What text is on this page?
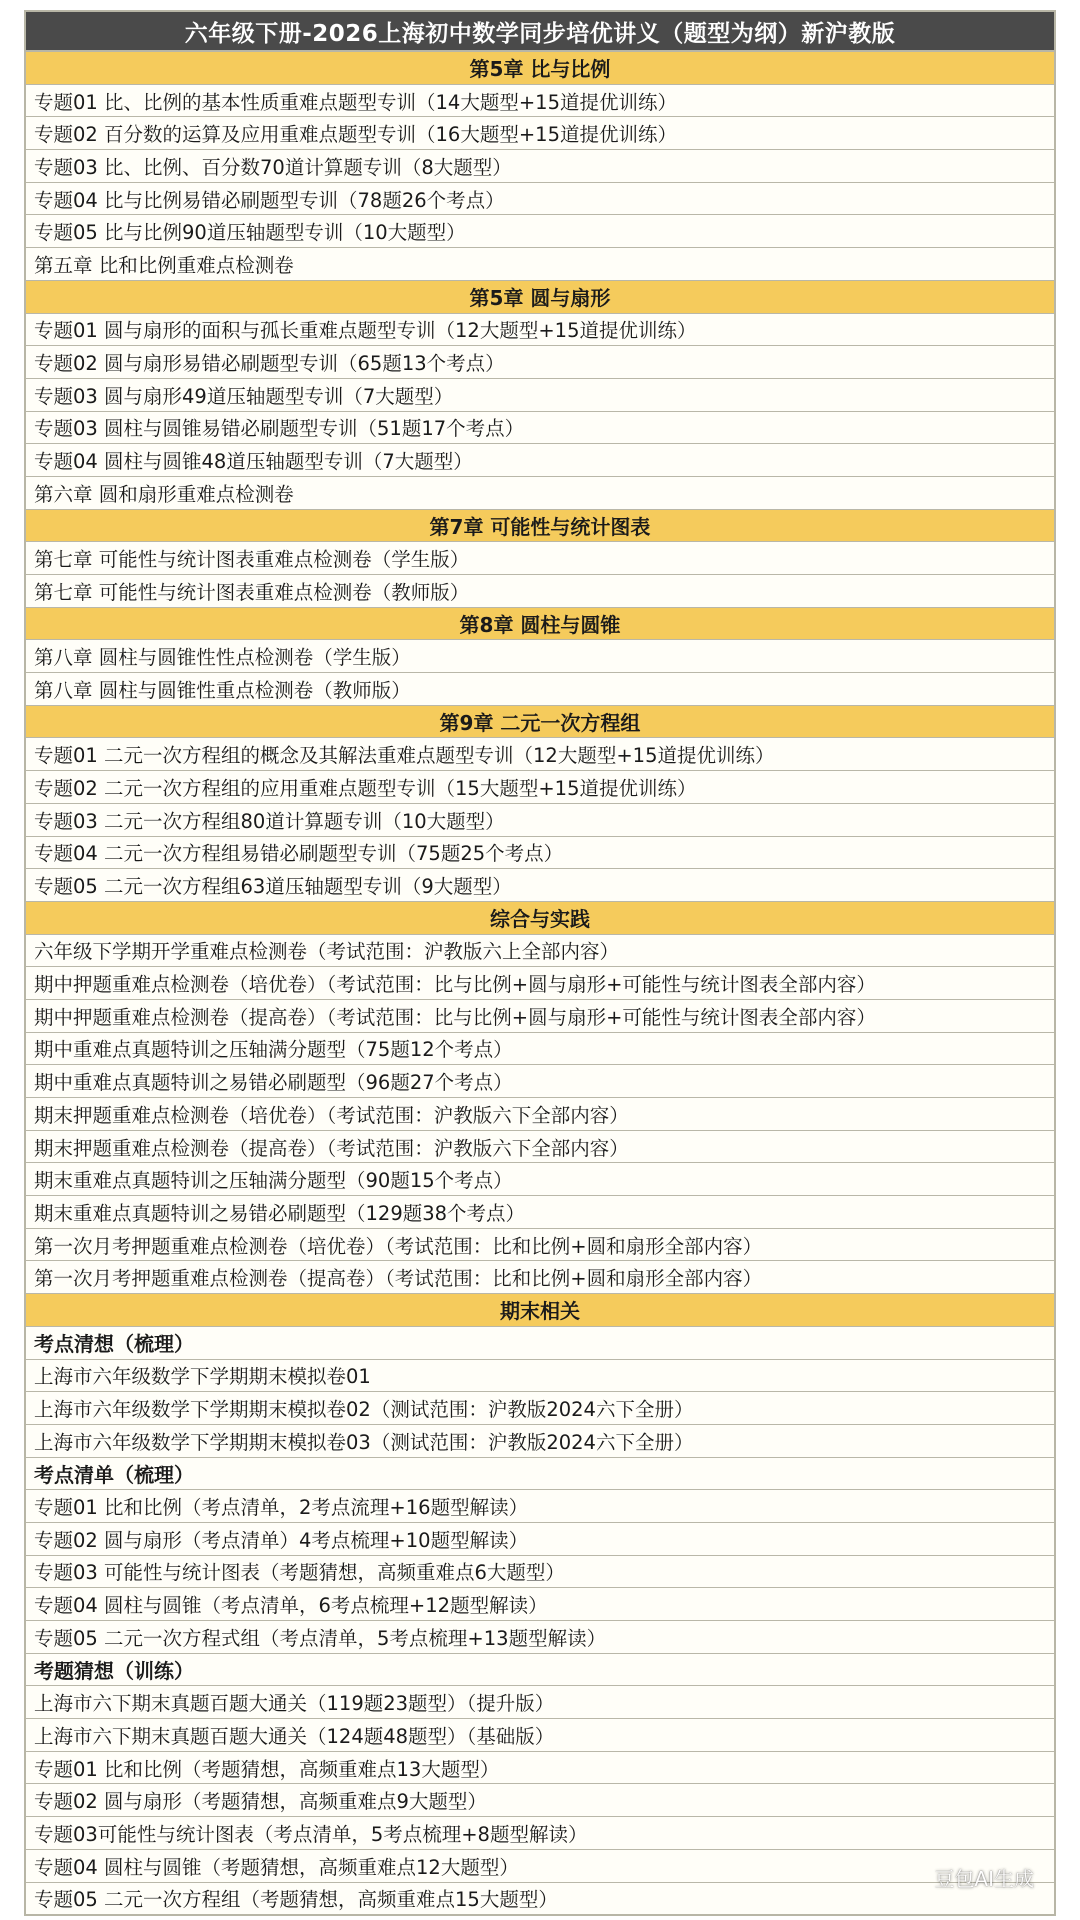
六年级下册-2026上海初中数学同步培优讲义（题型为纲）新沪教版
第5章 比与比例
专题01 比、比例的基本性质重难点题型专训（14大题型+15道提优训练）
专题02 百分数的运算及应用重难点题型专训（16大题型+15道提优训练）
专题03 比、比例、百分数70道计算题专训（8大题型）
专题04 比与比例易错必刷题型专训（78题26个考点）
专题05 比与比例90道压轴题型专训（10大题型）
第五章 比和比例重难点检测卷
第5章 圆与扇形
专题01 圆与扇形的面积与孤长重难点题型专训（12大题型+15道提优训练）
专题02 圆与扇形易错必刷题型专训（65题13个考点）
专题03 圆与扇形49道压轴题型专训（7大题型）
专题03 圆柱与圆锥易错必刷题型专训（51题17个考点）
专题04 圆柱与圆锥48道压轴题型专训（7大题型）
第六章 圆和扇形重难点检测卷
第7章 可能性与统计图表
第七章 可能性与统计图表重难点检测卷（学生版）
第七章 可能性与统计图表重难点检测卷（教师版）
第8章 圆柱与圆锥
第八章 圆柱与圆锥性性点检测卷（学生版）
第八章 圆柱与圆锥性重点检测卷（教师版）
第9章 二元一次方程组
专题01 二元一次方程组的概念及其解法重难点题型专训（12大题型+15道提优训练）
专题02 二元一次方程组的应用重难点题型专训（15大题型+15道提优训练）
专题03 二元一次方程组80道计算题专训（10大题型）
专题04 二元一次方程组易错必刷题型专训（75题25个考点）
专题05 二元一次方程组63道压轴题型专训（9大题型）
综合与实践
六年级下学期开学重难点检测卷（考试范围：沪教版六上全部内容）
期中押题重难点检测卷（培优卷）（考试范围：比与比例+圆与扇形+可能性与统计图表全部内容）
期中押题重难点检测卷（提高卷）（考试范围：比与比例+圆与扇形+可能性与统计图表全部内容）
期中重难点真题特训之压轴满分题型（75题12个考点）
期中重难点真题特训之易错必刷题型（96题27个考点）
期末押题重难点检测卷（培优卷）（考试范围：沪教版六下全部内容）
期末押题重难点检测卷（提高卷）（考试范围：沪教版六下全部内容）
期末重难点真题特训之压轴满分题型（90题15个考点）
期末重难点真题特训之易错必刷题型（129题38个考点）
第一次月考押题重难点检测卷（培优卷）（考试范围：比和比例+圆和扇形全部内容）
第一次月考押题重难点检测卷（提高卷）（考试范围：比和比例+圆和扇形全部内容）
期末相关
考点清想（梳理）
上海市六年级数学下学期期末模拟卷01
上海市六年级数学下学期期末模拟卷02（测试范围：沪教版2024六下全册）
上海市六年级数学下学期期末模拟卷03（测试范围：沪教版2024六下全册）
考点清单（梳理）
专题01 比和比例（考点清单，2考点流理+16题型解读）
专题02 圆与扇形（考点清单）4考点梳理+10题型解读）
专题03 可能性与统计图表（考题猜想，高频重难点6大题型）
专题04 圆柱与圆锥（考点清单，6考点梳理+12题型解读）
专题05 二元一次方程式组（考点清单，5考点梳理+13题型解读）
考题猜想（训练）
上海市六下期末真题百题大通关（119题23题型）（提升版）
上海市六下期末真题百题大通关（124题48题型）（基础版）
专题01 比和比例（考题猜想，高频重难点13大题型）
专题02 圆与扇形（考题猜想，高频重难点9大题型）
专题03可能性与统计图表（考点清单，5考点梳理+8题型解读）
专题04 圆柱与圆锥（考题猜想，高频重难点12大题型）
专题05 二元一次方程组（考题猜想，高频重难点15大题型）
豆包AI生成
